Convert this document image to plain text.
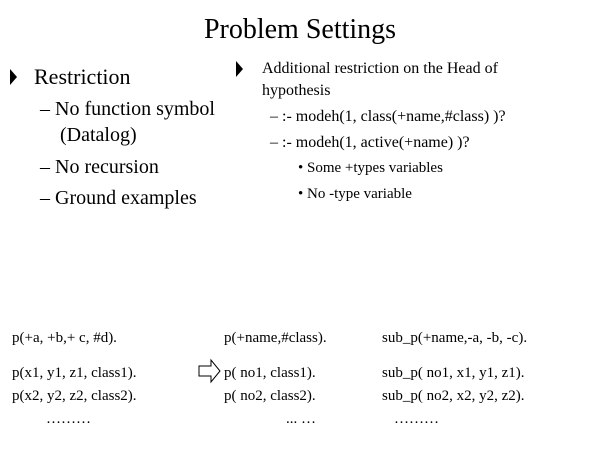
Problem Settings
Restriction
– No function symbol
(Datalog)
– No recursion
– Ground examples
Additional restriction on the Head of
hypothesis
– :- modeh(1, class(+name,#class) )?
– :- modeh(1, active(+name) )?
• Some +types variables
• No -type variable
p(+a, +b,+ c, #d).
p(x1, y1, z1, class1).
p(x2, y2, z2, class2).
………
p(+name,#class).
p( no1, class1).
p( no2, class2).
... …
sub_p(+name,-a, -b, -c).
sub_p( no1, x1, y1, z1).
sub_p( no2, x2, y2, z2).
………
